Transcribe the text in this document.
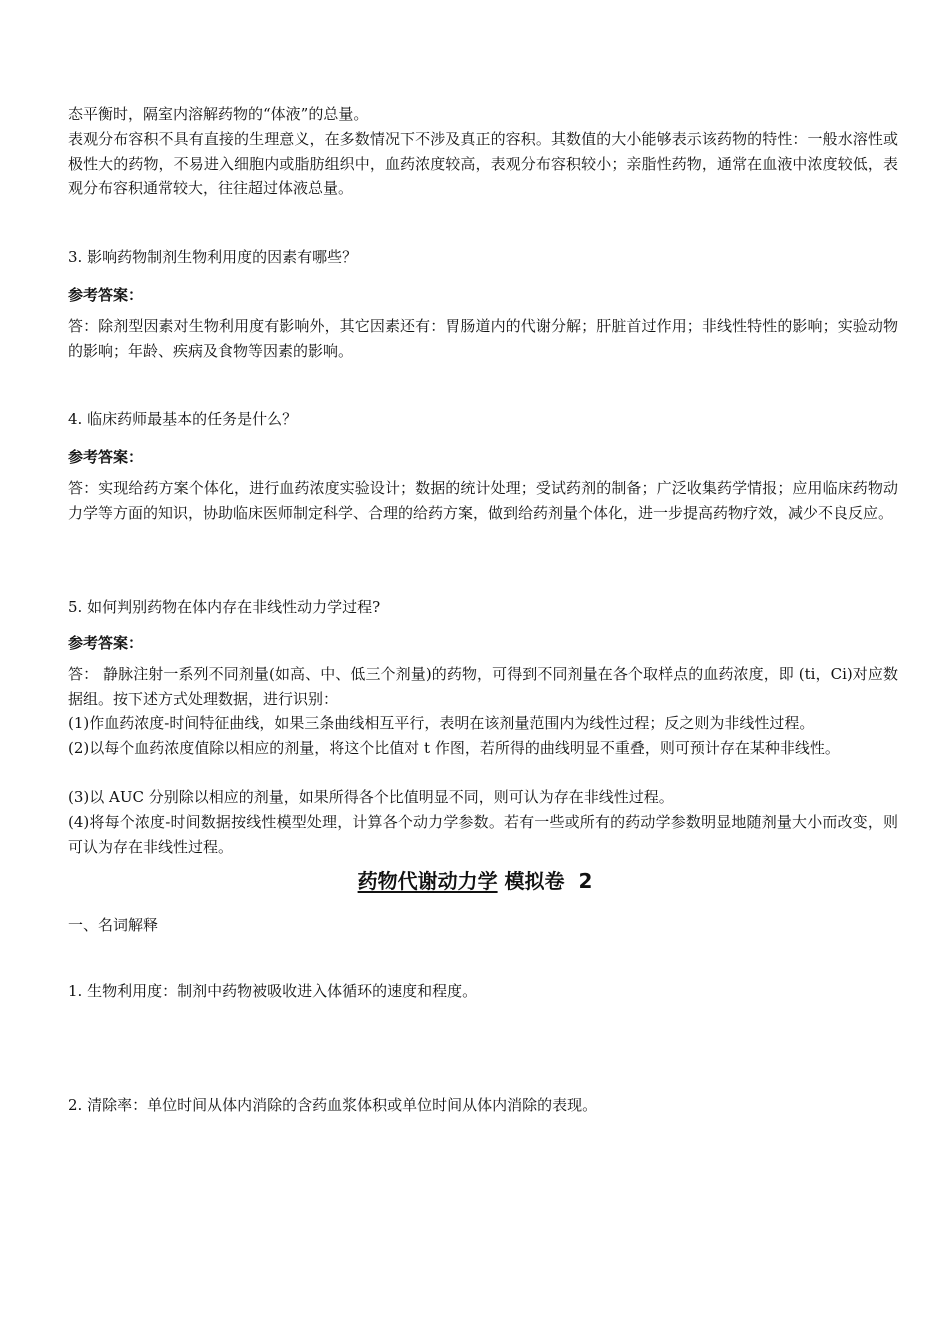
态平衡时，隔室内溶解药物的“体液”的总量。

表观分布容积不具有直接的生理意义，在多数情况下不涉及真正的容积。其数值的大小能够表示该药物的特性：一般水溶性或极性大的药物，不易进入细胞内或脂肪组织中，血药浓度较高，表观分布容积较小；亲脂性药物，通常在血液中浓度较低，表观分布容积通常较大，往往超过体液总量。

3. 影响药物制剂生物利用度的因素有哪些？

参考答案：

答：除剂型因素对生物利用度有影响外，其它因素还有：胃肠道内的代谢分解；肝脏首过作用；非线性特性的影响；实验动物的影响；年龄、疾病及食物等因素的影响。

4. 临床药师最基本的任务是什么？

参考答案：

答：实现给药方案个体化，进行血药浓度实验设计；数据的统计处理；受试药剂的制备；广泛收集药学情报；应用临床药物动力学等方面的知识，协助临床医师制定科学、合理的给药方案，做到给药剂量个体化，进一步提高药物疗效，减少不良反应。

5. 如何判别药物在体内存在非线性动力学过程?

参考答案：

答： 静脉注射一系列不同剂量(如高、中、低三个剂量)的药物，可得到不同剂量在各个取样点的血药浓度，即 (ti，Ci)对应数据组。按下述方式处理数据，进行识别：

(1)作血药浓度-时间特征曲线，如果三条曲线相互平行，表明在该剂量范围内为线性过程；反之则为非线性过程。

(2)以每个血药浓度值除以相应的剂量，将这个比值对 t 作图，若所得的曲线明显不重叠，则可预计存在某种非线性。

(3)以 AUC 分别除以相应的剂量，如果所得各个比值明显不同，则可认为存在非线性过程。

(4)将每个浓度-时间数据按线性模型处理，计算各个动力学参数。若有一些或所有的药动学参数明显地随剂量大小而改变，则可认为存在非线性过程。

药物代谢动力学 模拟卷  2

一、名词解释

1. 生物利用度：制剂中药物被吸收进入体循环的速度和程度。

2. 清除率：单位时间从体内消除的含药血浆体积或单位时间从体内消除的表现。
